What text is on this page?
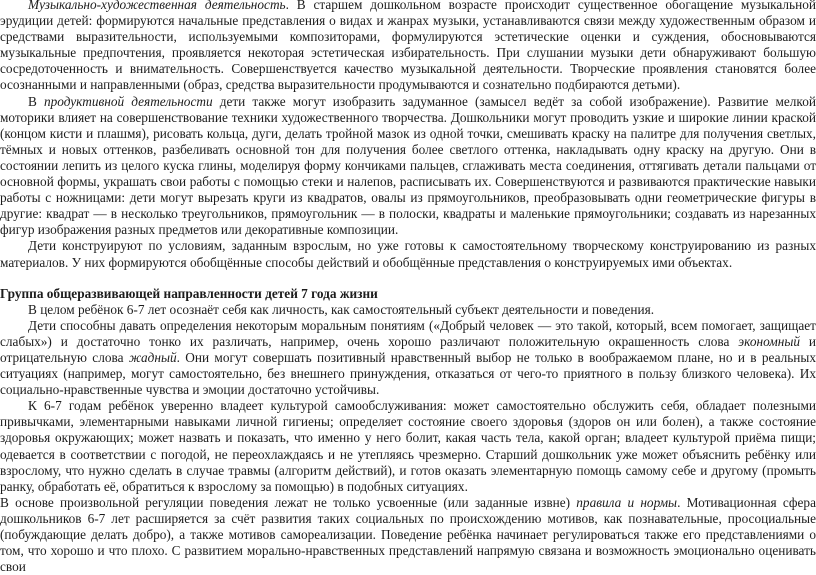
Музыкально-художественная деятельность. В старшем дошкольном возрасте происходит существенное обогащение музыкальной эрудиции детей: формируются начальные представления о видах и жанрах музыки, устанавливаются связи между художественным образом и средствами выразительности, используемыми композиторами, формулируются эстетические оценки и суждения, обосновываются музыкальные предпочтения, проявляется некоторая эстетическая избирательность. При слушании музыки дети обнаруживают большую сосредоточенность и внимательность. Совершенствуется качество музыкальной деятельности. Творческие проявления становятся более осознанными и направленными (образ, средства выразительности продумываются и сознательно подбираются детьми).

В продуктивной деятельности дети также могут изобразить задуманное (замысел ведёт за собой изображение). Развитие мелкой моторики влияет на совершенствование техники художественного творчества. Дошкольники могут проводить узкие и широкие линии краской (концом кисти и плашмя), рисовать кольца, дуги, делать тройной мазок из одной точки, смешивать краску на палитре для получения светлых, тёмных и новых оттенков, разбеливать основной тон для получения более светлого оттенка, накладывать одну краску на другую. Они в состоянии лепить из целого куска глины, моделируя форму кончиками пальцев, сглаживать места соединения, оттягивать детали пальцами от основной формы, украшать свои работы с помощью стеки и налепов, расписывать их. Совершенствуются и развиваются практические навыки работы с ножницами: дети могут вырезать круги из квадратов, овалы из прямоугольников, преобразовывать одни геометрические фигуры в другие: квадрат — в несколько треугольников, прямоугольник — в полоски, квадраты и маленькие прямоугольники; создавать из нарезанных фигур изображения разных предметов или декоративные композиции.

Дети конструируют по условиям, заданным взрослым, но уже готовы к самостоятельному творческому конструированию из разных материалов. У них формируются обобщённые способы действий и обобщённые представления о конструируемых ими объектах.

Группа общеразвивающей направленности детей 7 года жизни

В целом ребёнок 6-7 лет осознаёт себя как личность, как самостоятельный субъект деятельности и поведения.

Дети способны давать определения некоторым моральным понятиям («Добрый человек — это такой, который, всем помогает, защищает слабых») и достаточно тонко их различать, например, очень хорошо различают положительную окрашенность слова экономный и отрицательную слова жадный. Они могут совершать позитивный нравственный выбор не только в воображаемом плане, но и в реальных ситуациях (например, могут самостоятельно, без внешнего принуждения, отказаться от чего-то приятного в пользу близкого человека). Их социально-нравственные чувства и эмоции достаточно устойчивы.

К 6-7 годам ребёнок уверенно владеет культурой самообслуживания: может самостоятельно обслужить себя, обладает полезными привычками, элементарными навыками личной гигиены; определяет состояние своего здоровья (здоров он или болен), а также состояние здоровья окружающих; может назвать и показать, что именно у него болит, какая часть тела, какой орган; владеет культурой приёма пищи; одевается в соответствии с погодой, не переохлаждаясь и не утепляясь чрезмерно. Старший дошкольник уже может объяснить ребёнку или взрослому, что нужно сделать в случае травмы (алгоритм действий), и готов оказать элементарную помощь самому себе и другому (промыть ранку, обработать её, обратиться к взрослому за помощью) в подобных ситуациях.

В основе произвольной регуляции поведения лежат не только усвоенные (или заданные извне) правила и нормы. Мотивационная сфера дошкольников 6-7 лет расширяется за счёт развития таких социальных по происхождению мотивов, как познавательные, просоциальные (побуждающие делать добро), а также мотивов самореализации. Поведение ребёнка начинает регулироваться также его представлениями о том, что хорошо и что плохо. С развитием морально-нравственных представлений напрямую связана и возможность эмоционально оценивать свои
